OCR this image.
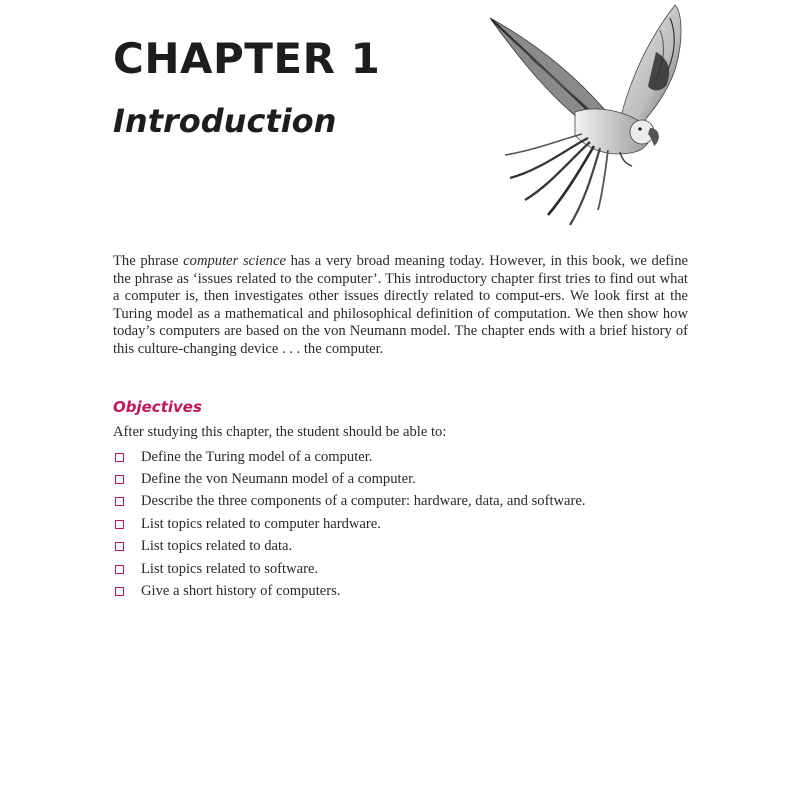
CHAPTER 1
Introduction

The phrase computer science has a very broad meaning today. However, in this book, we define the phrase as ‘issues related to the computer’. This introductory chapter first tries to find out what a computer is, then investigates other issues directly related to comput-ers. We look first at the Turing model as a mathematical and philosophical definition of computation. We then show how today’s computers are based on the von Neumann model. The chapter ends with a brief history of this culture-changing device . . . the computer.

Objectives
After studying this chapter, the student should be able to:
Define the Turing model of a computer.
Define the von Neumann model of a computer.
Describe the three components of a computer: hardware, data, and software.
List topics related to computer hardware.
List topics related to data.
List topics related to software.
Give a short history of computers.
